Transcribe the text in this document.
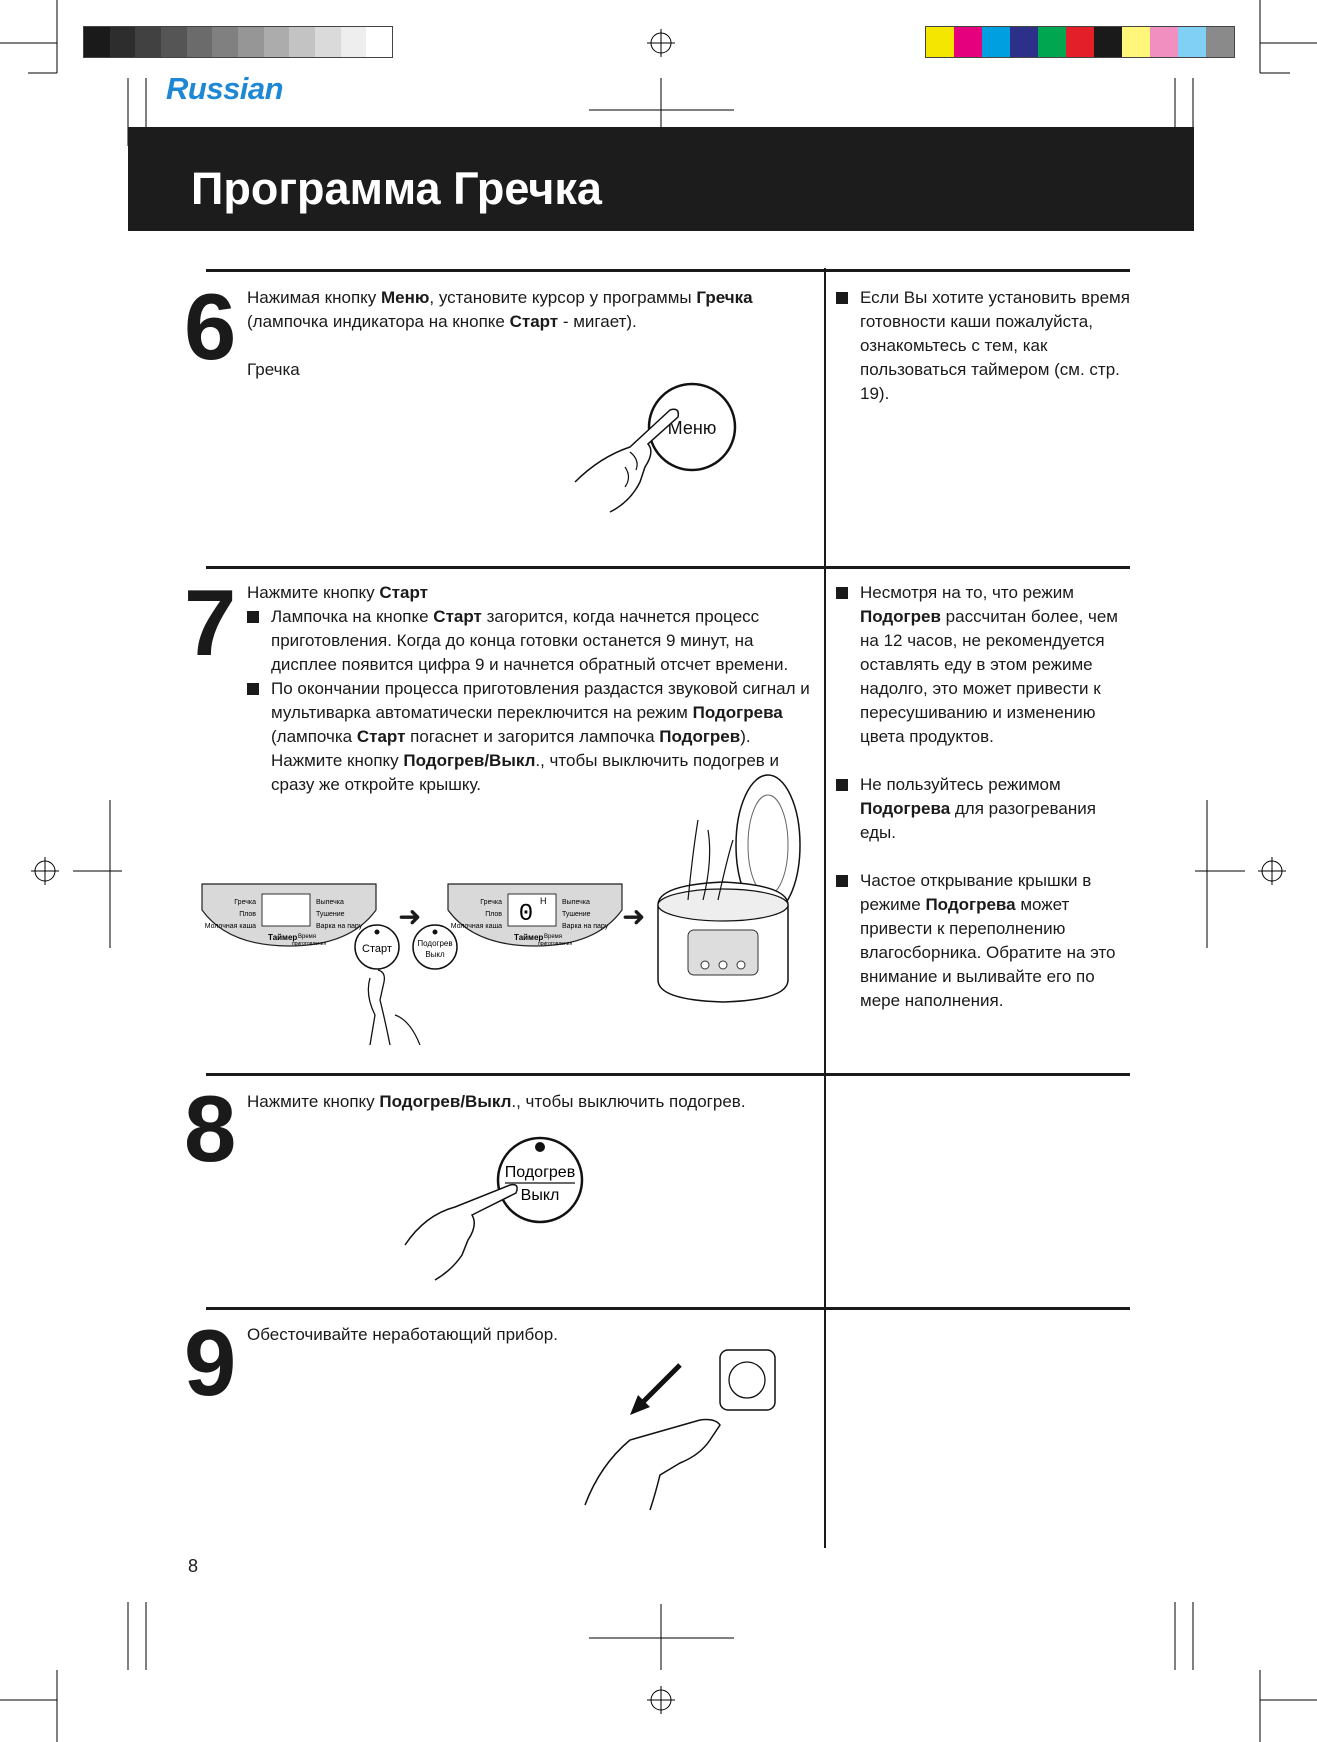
Russian
Программа Гречка
6 Нажимая кнопку Меню, установите курсор у программы Гречка (лампочка индикатора на кнопке Старт - мигает).
Гречка
Если Вы хотите установить время готовности каши пожалуйста, ознакомьтесь с тем, как пользоваться таймером (см. стр. 19).
Меню
7 Нажмите кнопку Старт
Лампочка на кнопке Старт загорится, когда начнется процесс приготовления. Когда до конца готовки останется 9 минут, на дисплее появится цифра 9 и начнется обратный отсчет времени.
По окончании процесса приготовления раздастся звуковой сигнал и мультиварка автоматически переключится на режим Подогрева (лампочка Старт погаснет и загорится лампочка Подогрев). Нажмите кнопку Подогрев/Выкл., чтобы выключить подогрев и сразу же откройте крышку.
Несмотря на то, что режим Подогрев рассчитан более, чем на 12 часов, не рекомендуется оставлять еду в этом режиме надолго, это может привести к пересушиванию и изменению цвета продуктов.
Не пользуйтесь режимом Подогрева для разогревания еды.
Частое открывание крышки в режиме Подогрева может привести к переполнению влагосборника. Обратите на это внимание и выливайте его по мере наполнения.
Гречка
Плов
Молочная каша
Выпечка
Тушение
Варка на пару
Таймер Время
приготовления
➜	0 Н
Гречка
Плов
Молочная каша
Выпечка
Тушение
Варка на пару
Таймер Время
приготовления
➜
Старт	Подогрев
Выкл
8 Нажмите кнопку Подогрев/Выкл., чтобы выключить подогрев.
Подогрев
Выкл
9 Обесточивайте неработающий прибор.
8
